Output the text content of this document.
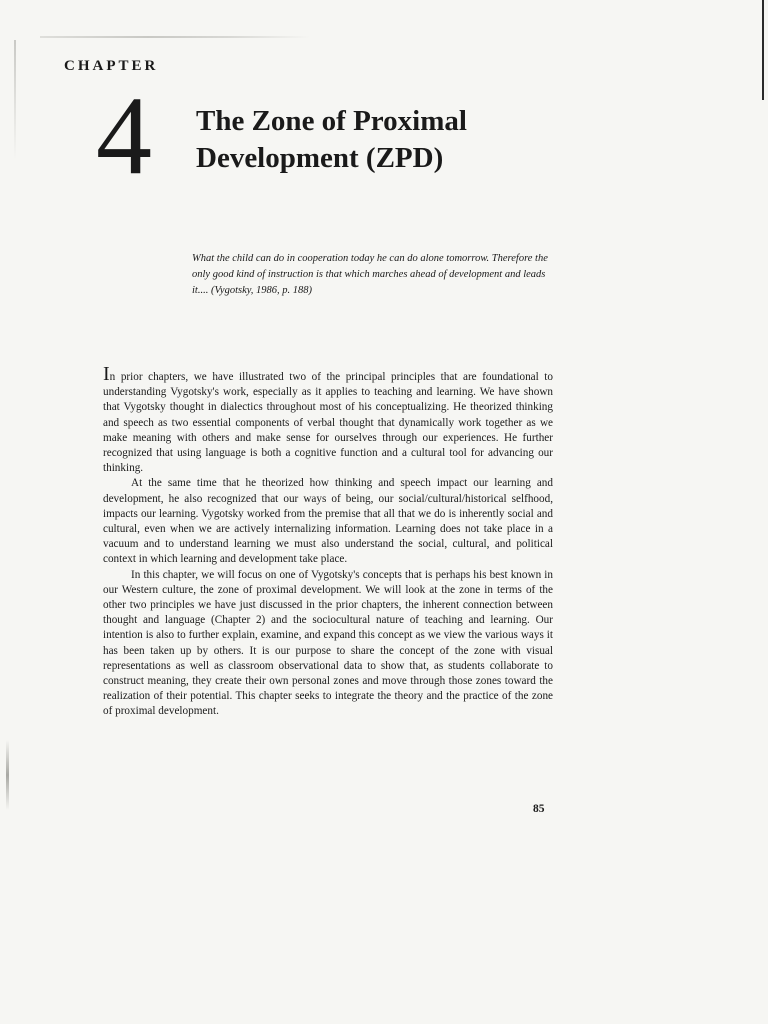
CHAPTER
4 The Zone of Proximal
Development (ZPD)
What the child can do in cooperation today he can do alone tomorrow. Therefore the only good kind of instruction is that which marches ahead of development and leads it.... (Vygotsky, 1986, p. 188)

In prior chapters, we have illustrated two of the principal principles that are foundational to understanding Vygotsky's work, especially as it applies to teaching and learning. We have shown that Vygotsky thought in dialectics throughout most of his conceptualizing. He theorized thinking and speech as two essential components of verbal thought that dynamically work together as we make meaning with others and make sense for ourselves through our experiences. He further recognized that using language is both a cognitive function and a cultural tool for advancing our thinking.

At the same time that he theorized how thinking and speech impact our learning and development, he also recognized that our ways of being, our social/cultural/historical selfhood, impacts our learning. Vygotsky worked from the premise that all that we do is inherently social and cultural, even when we are actively internalizing information. Learning does not take place in a vacuum and to understand learning we must also understand the social, cultural, and political context in which learning and development take place.

In this chapter, we will focus on one of Vygotsky's concepts that is perhaps his best known in our Western culture, the zone of proximal development. We will look at the zone in terms of the other two principles we have just discussed in the prior chapters, the inherent connection between thought and language (Chapter 2) and the sociocultural nature of teaching and learning. Our intention is also to further explain, examine, and expand this concept as we view the various ways it has been taken up by others. It is our purpose to share the concept of the zone with visual representations as well as classroom observational data to show that, as students collaborate to construct meaning, they create their own personal zones and move through those zones toward the realization of their potential. This chapter seeks to integrate the theory and the practice of the zone of proximal development.

85
